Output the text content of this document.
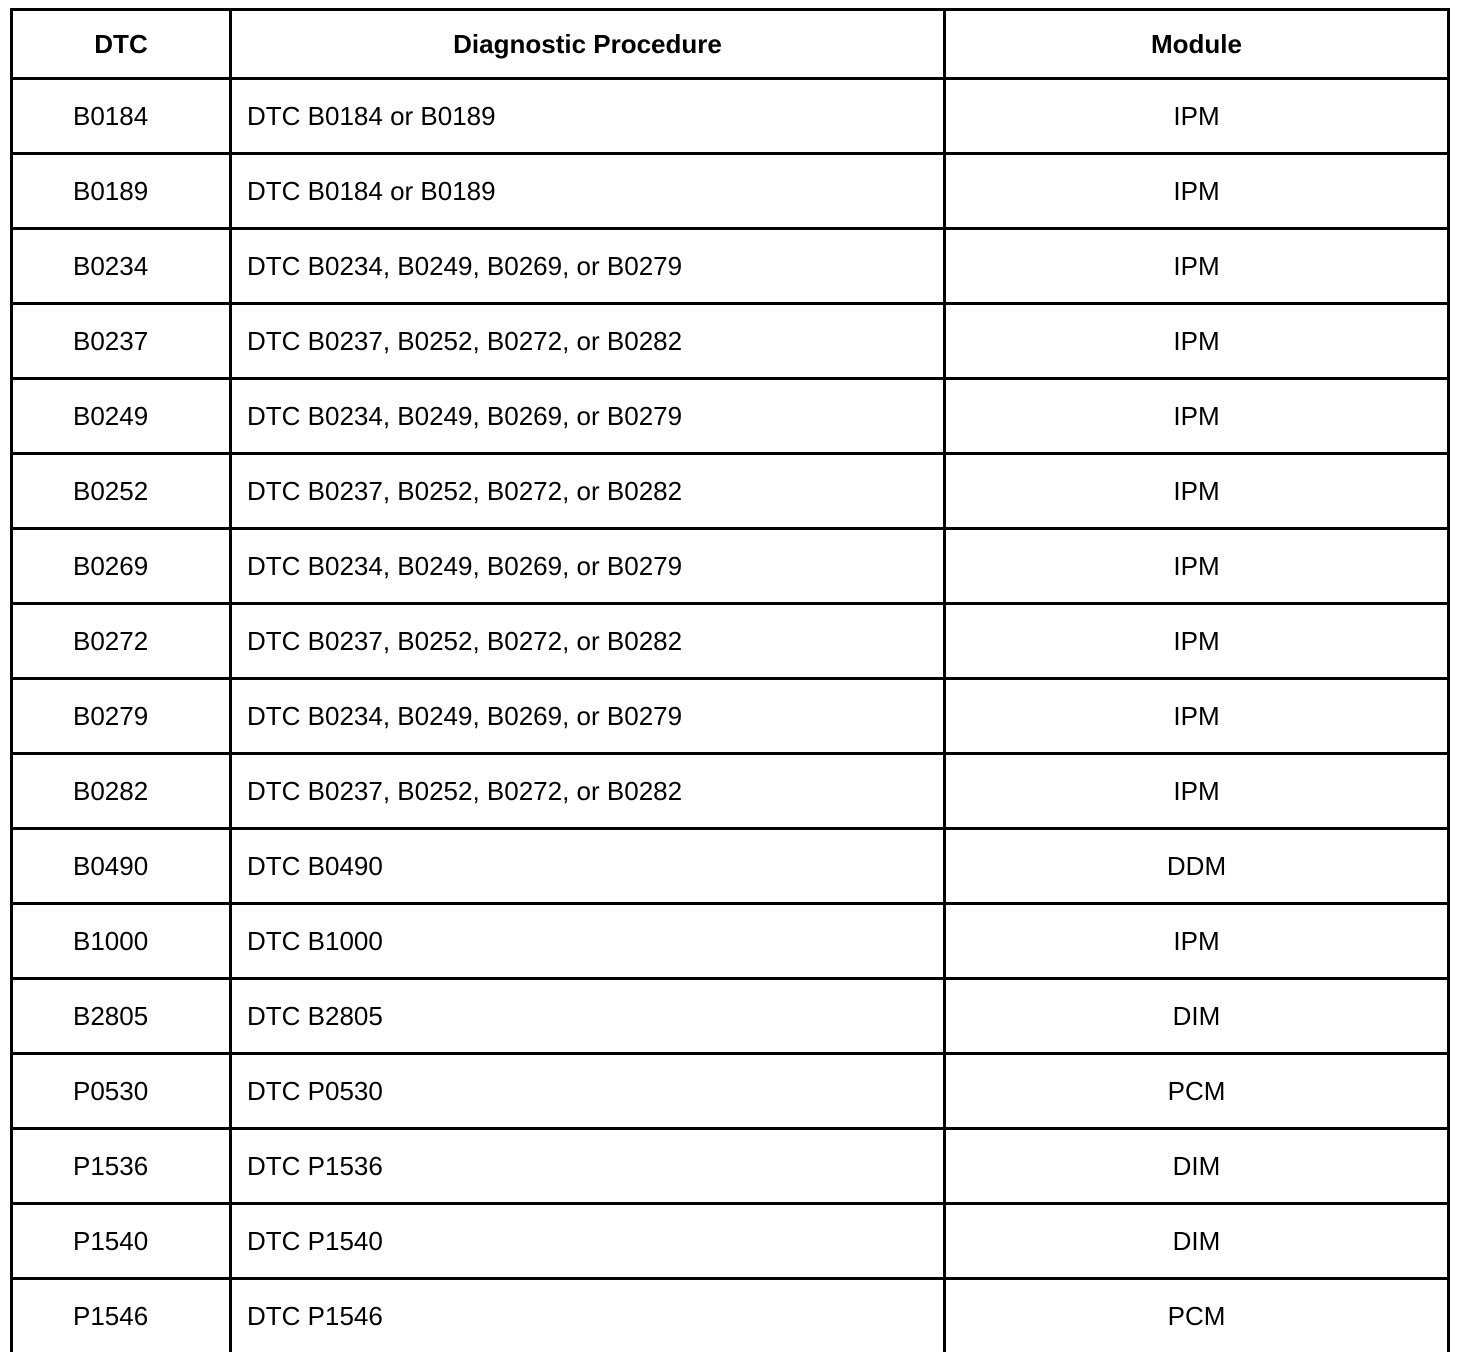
DTC	Diagnostic Procedure	Module
B0184	DTC B0184 or B0189	IPM
B0189	DTC B0184 or B0189	IPM
B0234	DTC B0234, B0249, B0269, or B0279	IPM
B0237	DTC B0237, B0252, B0272, or B0282	IPM
B0249	DTC B0234, B0249, B0269, or B0279	IPM
B0252	DTC B0237, B0252, B0272, or B0282	IPM
B0269	DTC B0234, B0249, B0269, or B0279	IPM
B0272	DTC B0237, B0252, B0272, or B0282	IPM
B0279	DTC B0234, B0249, B0269, or B0279	IPM
B0282	DTC B0237, B0252, B0272, or B0282	IPM
B0490	DTC B0490	DDM
B1000	DTC B1000	IPM
B2805	DTC B2805	DIM
P0530	DTC P0530	PCM
P1536	DTC P1536	DIM
P1540	DTC P1540	DIM
P1546	DTC P1546	PCM
